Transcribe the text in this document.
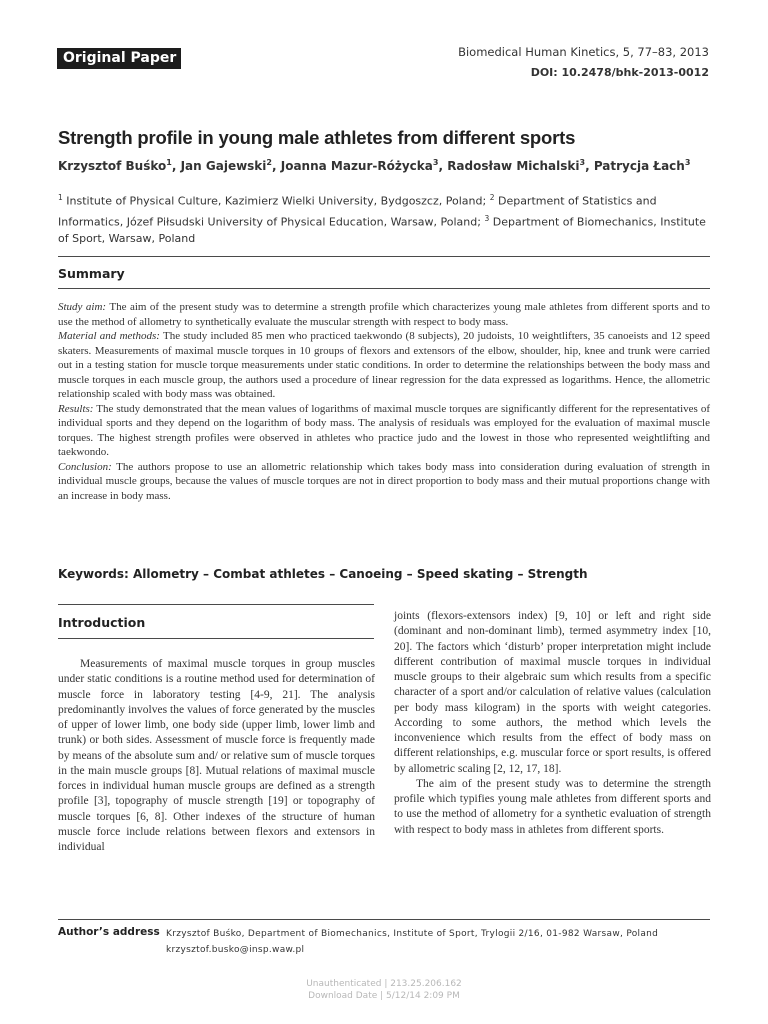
Original Paper	Biomedical Human Kinetics, 5, 77–83, 2013
DOI: 10.2478/bhk-2013-0012
Strength profile in young male athletes from different sports
Krzysztof Buśko$^1$, Jan Gajewski$^2$, Joanna Mazur-Różycka$^3$, Radosław Michalski$^3$, Patrycja Łach$^3$
$^1$ Institute of Physical Culture, Kazimierz Wielki University, Bydgoszcz, Poland; $^2$ Department of Statistics and Informatics, Józef Piłsudski University of Physical Education, Warsaw, Poland; $^3$ Department of Biomechanics, Institute of Sport, Warsaw, Poland
Summary

Study aim: The aim of the present study was to determine a strength profile which characterizes young male athletes from different sports and to use the method of allometry to synthetically evaluate the muscular strength with respect to body mass.

Material and methods: The study included 85 men who practiced taekwondo (8 subjects), 20 judoists, 10 weightlifters, 35 canoeists and 12 speed skaters. Measurements of maximal muscle torques in 10 groups of flexors and extensors of the elbow, shoulder, hip, knee and trunk were carried out in a testing station for muscle torque measurements under static conditions. In order to determine the relationships between the body mass and muscle torques in each muscle group, the authors used a procedure of linear regression for the data expressed as logarithms. Hence, the allometric relationship scaled with body mass was obtained.

Results: The study demonstrated that the mean values of logarithms of maximal muscle torques are significantly different for the representatives of individual sports and they depend on the logarithm of body mass. The analysis of residuals was employed for the evaluation of maximal muscle torques. The highest strength profiles were observed in athletes who practice judo and the lowest in those who represented weightlifting and taekwondo.

Conclusion: The authors propose to use an allometric relationship which takes body mass into consideration during evaluation of strength in individual muscle groups, because the values of muscle torques are not in direct proportion to body mass and their mutual proportions change with an increase in body mass.

Keywords: Allometry – Combat athletes – Canoeing – Speed skating – Strength
Introduction

Measurements of maximal muscle torques in group muscles under static conditions is a routine method used for determination of muscle force in laboratory testing [4-9, 21]. The analysis predominantly involves the values of force generated by the muscles of upper of lower limb, one body side (upper limb, lower limb and trunk) or both sides. Assessment of muscle force is frequently made by means of the absolute sum and/ or relative sum of muscle torques in the main muscle groups [8]. Mutual relations of maximal muscle forces in individual human muscle groups are defined as a strength profile [3], topography of muscle strength [19] or topography of muscle torques [6, 8]. Other indexes of the structure of human muscle force include relations between flexors and extensors in individual

joints (flexors-extensors index) [9, 10] or left and right side (dominant and non-dominant limb), termed asymmetry index [10, 20]. The factors which ‘disturb’ proper interpretation might include different contribution of maximal muscle torques in individual muscle groups to their algebraic sum which results from a specific character of a sport and/or calculation of relative values (calculation per body mass kilogram) in the sports with weight categories. According to some authors, the method which levels the inconvenience which results from the effect of body mass on different relationships, e.g. muscular force or sport results, is offered by allometric scaling [2, 12, 17, 18].

The aim of the present study was to determine the strength profile which typifies young male athletes from different sports and to use the method of allometry for a synthetic evaluation of strength with respect to body mass in athletes from different sports.

Author’s address Krzysztof Buśko, Department of Biomechanics, Institute of Sport, Trylogii 2/16, 01-982 Warsaw, Poland
krzysztof.busko@insp.waw.pl
Unauthenticated | 213.25.206.162
Download Date | 5/12/14 2:09 PM
